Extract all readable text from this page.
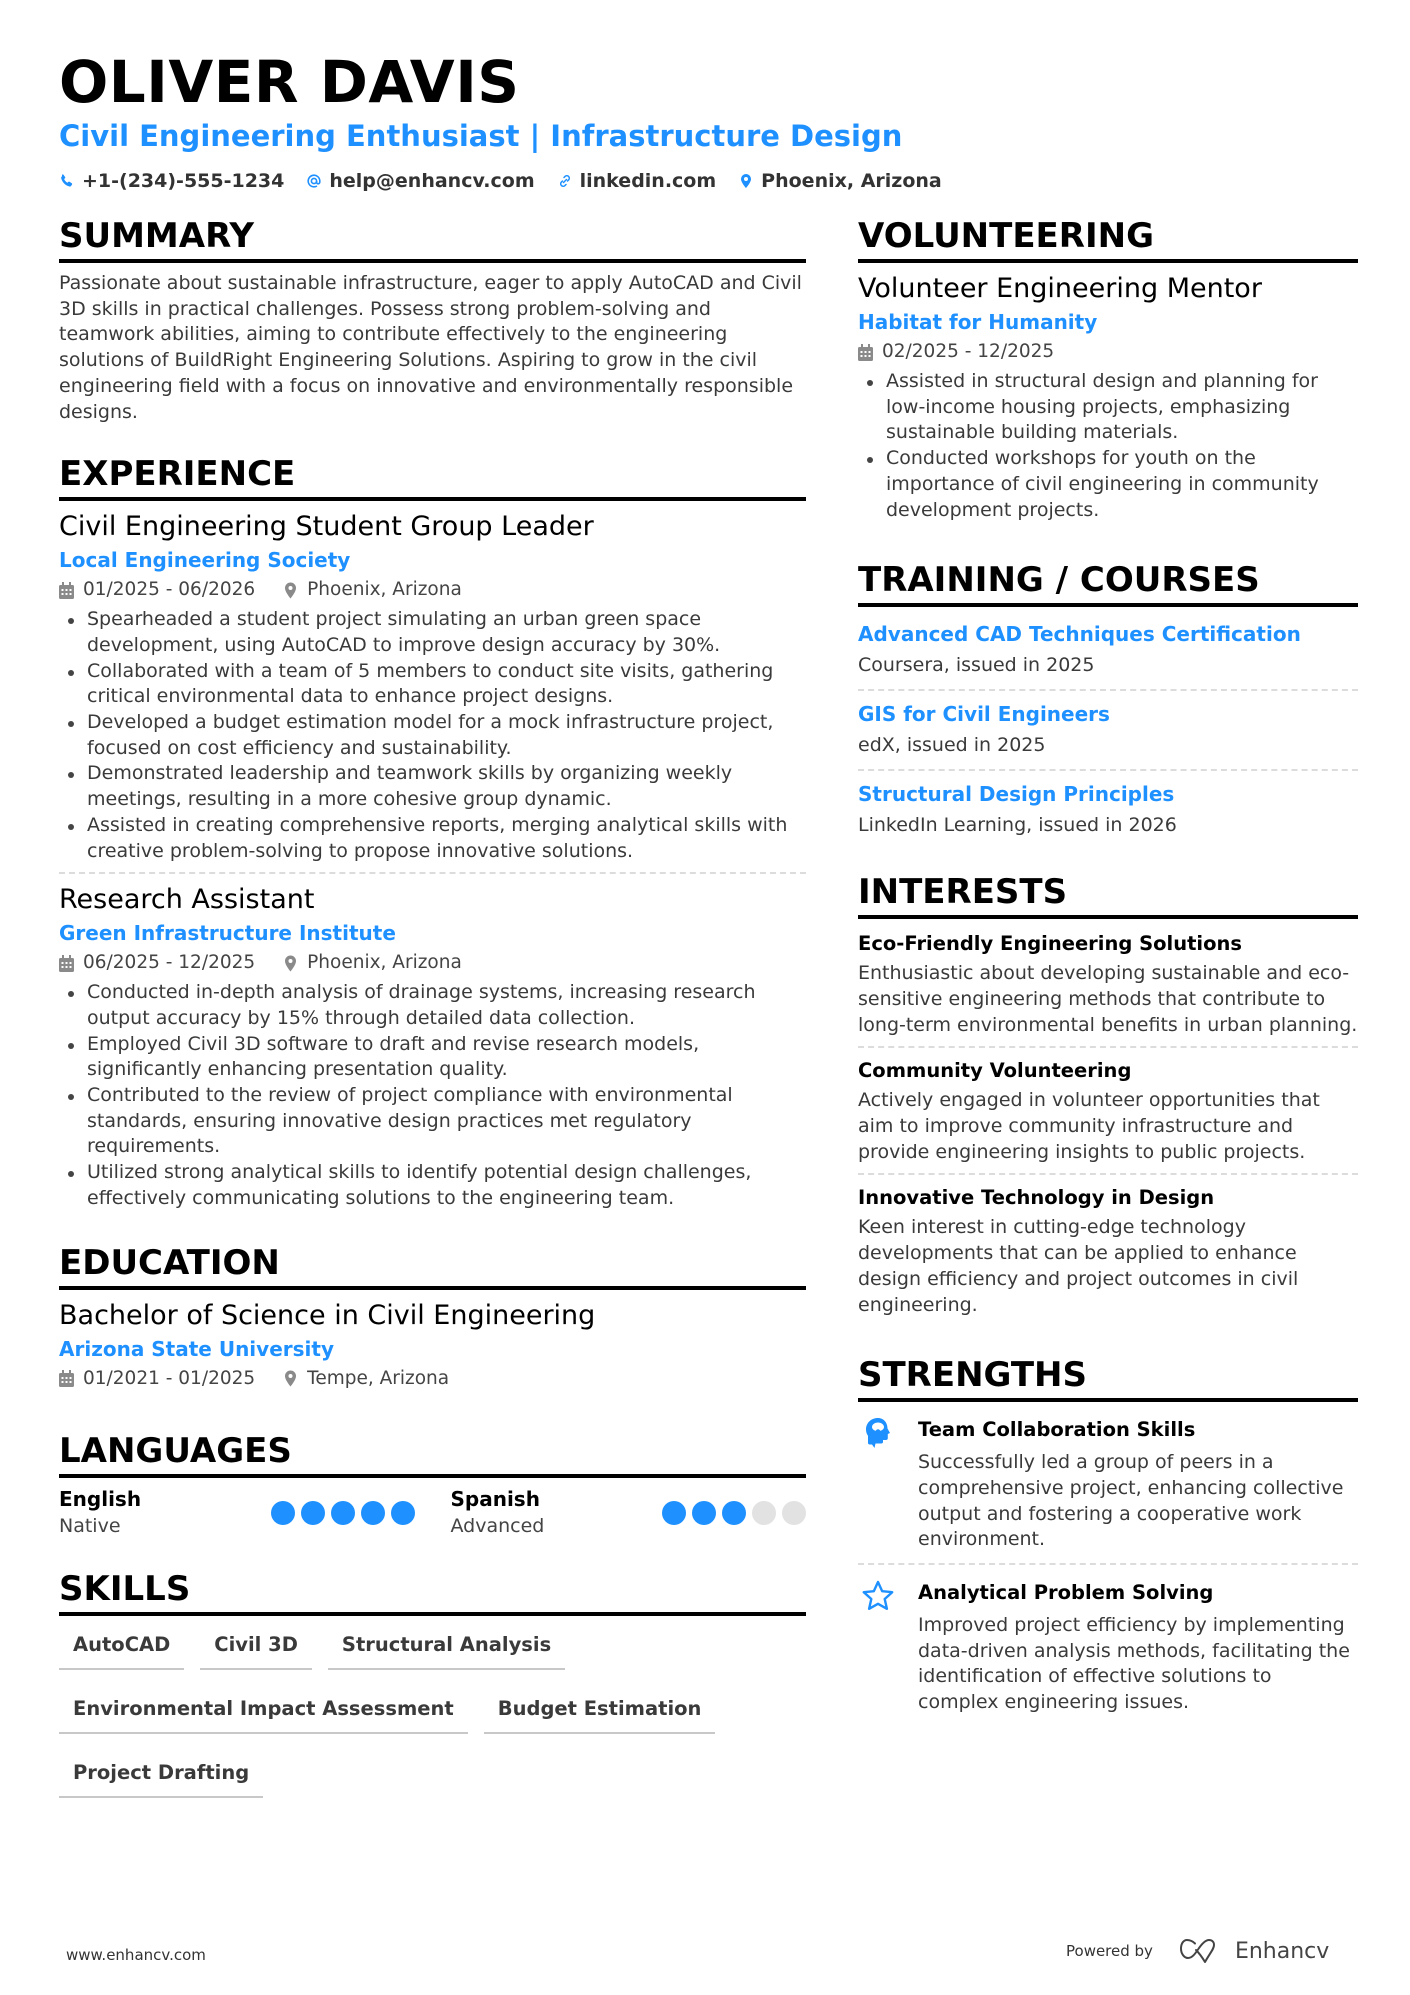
OLIVER DAVIS
Civil Engineering Enthusiast | Infrastructure Design
+1-(234)-555-1234 help@enhancv.com linkedin.com Phoenix, Arizona
SUMMARY
Passionate about sustainable infrastructure, eager to apply AutoCAD and Civil 3D skills in practical challenges. Possess strong problem-solving and teamwork abilities, aiming to contribute effectively to the engineering solutions of BuildRight Engineering Solutions. Aspiring to grow in the civil engineering field with a focus on innovative and environmentally responsible designs.
EXPERIENCE
Civil Engineering Student Group Leader
Local Engineering Society
01/2025 - 06/2026	Phoenix, Arizona
Spearheaded a student project simulating an urban green space development, using AutoCAD to improve design accuracy by 30%.
Collaborated with a team of 5 members to conduct site visits, gathering critical environmental data to enhance project designs.
Developed a budget estimation model for a mock infrastructure project, focused on cost efficiency and sustainability.
Demonstrated leadership and teamwork skills by organizing weekly meetings, resulting in a more cohesive group dynamic.
Assisted in creating comprehensive reports, merging analytical skills with creative problem-solving to propose innovative solutions.
Research Assistant
Green Infrastructure Institute
06/2025 - 12/2025	Phoenix, Arizona
Conducted in-depth analysis of drainage systems, increasing research output accuracy by 15% through detailed data collection.
Employed Civil 3D software to draft and revise research models, significantly enhancing presentation quality.
Contributed to the review of project compliance with environmental standards, ensuring innovative design practices met regulatory requirements.
Utilized strong analytical skills to identify potential design challenges, effectively communicating solutions to the engineering team.
EDUCATION
Bachelor of Science in Civil Engineering
Arizona State University
01/2021 - 01/2025	Tempe, Arizona
LANGUAGES
English
Native
Spanish
Advanced
SKILLS
AutoCAD	Civil 3D	Structural Analysis
Environmental Impact Assessment	Budget Estimation
Project Drafting
VOLUNTEERING
Volunteer Engineering Mentor
Habitat for Humanity
02/2025 - 12/2025
Assisted in structural design and planning for low-income housing projects, emphasizing sustainable building materials.
Conducted workshops for youth on the importance of civil engineering in community development projects.
TRAINING / COURSES
Advanced CAD Techniques Certification
Coursera, issued in 2025
GIS for Civil Engineers
edX, issued in 2025
Structural Design Principles
LinkedIn Learning, issued in 2026
INTERESTS
Eco-Friendly Engineering Solutions
Enthusiastic about developing sustainable and eco-sensitive engineering methods that contribute to long-term environmental benefits in urban planning.
Community Volunteering
Actively engaged in volunteer opportunities that aim to improve community infrastructure and provide engineering insights to public projects.
Innovative Technology in Design
Keen interest in cutting-edge technology developments that can be applied to enhance design efficiency and project outcomes in civil engineering.
STRENGTHS
Team Collaboration Skills
Successfully led a group of peers in a comprehensive project, enhancing collective output and fostering a cooperative work environment.
Analytical Problem Solving
Improved project efficiency by implementing data-driven analysis methods, facilitating the identification of effective solutions to complex engineering issues.
www.enhancv.com	Powered by	Enhancv
